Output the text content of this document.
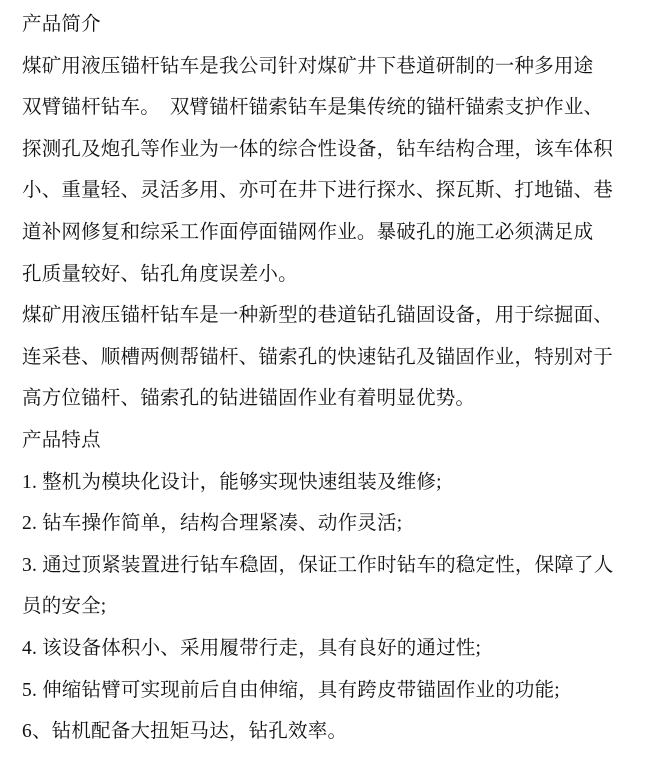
产品简介
煤矿用液压锚杆钻车是我公司针对煤矿井下巷道研制的一种多用途
双臂锚杆钻车。　双臂锚杆锚索钻车是集传统的锚杆锚索支护作业、
探测孔及炮孔等作业为一体的综合性设备，钻车结构合理，该车体积
小、重量轻、灵活多用、亦可在井下进行探水、探瓦斯、打地锚、巷
道补网修复和综采工作面停面锚网作业。暴破孔的施工必须满足成
孔质量较好、钻孔角度误差小。
煤矿用液压锚杆钻车是一种新型的巷道钻孔锚固设备，用于综掘面、
连采巷、顺槽两侧帮锚杆、锚索孔的快速钻孔及锚固作业，特别对于
高方位锚杆、锚索孔的钻进锚固作业有着明显优势。
产品特点
1. 整机为模块化设计，能够实现快速组装及维修;
2. 钻车操作简单，结构合理紧凑、动作灵活;
3. 通过顶紧装置进行钻车稳固，保证工作时钻车的稳定性，保障了人
员的安全;
4. 该设备体积小、采用履带行走，具有良好的通过性;
5. 伸缩钻臂可实现前后自由伸缩，具有跨皮带锚固作业的功能;
6、钻机配备大扭矩马达，钻孔效率。
